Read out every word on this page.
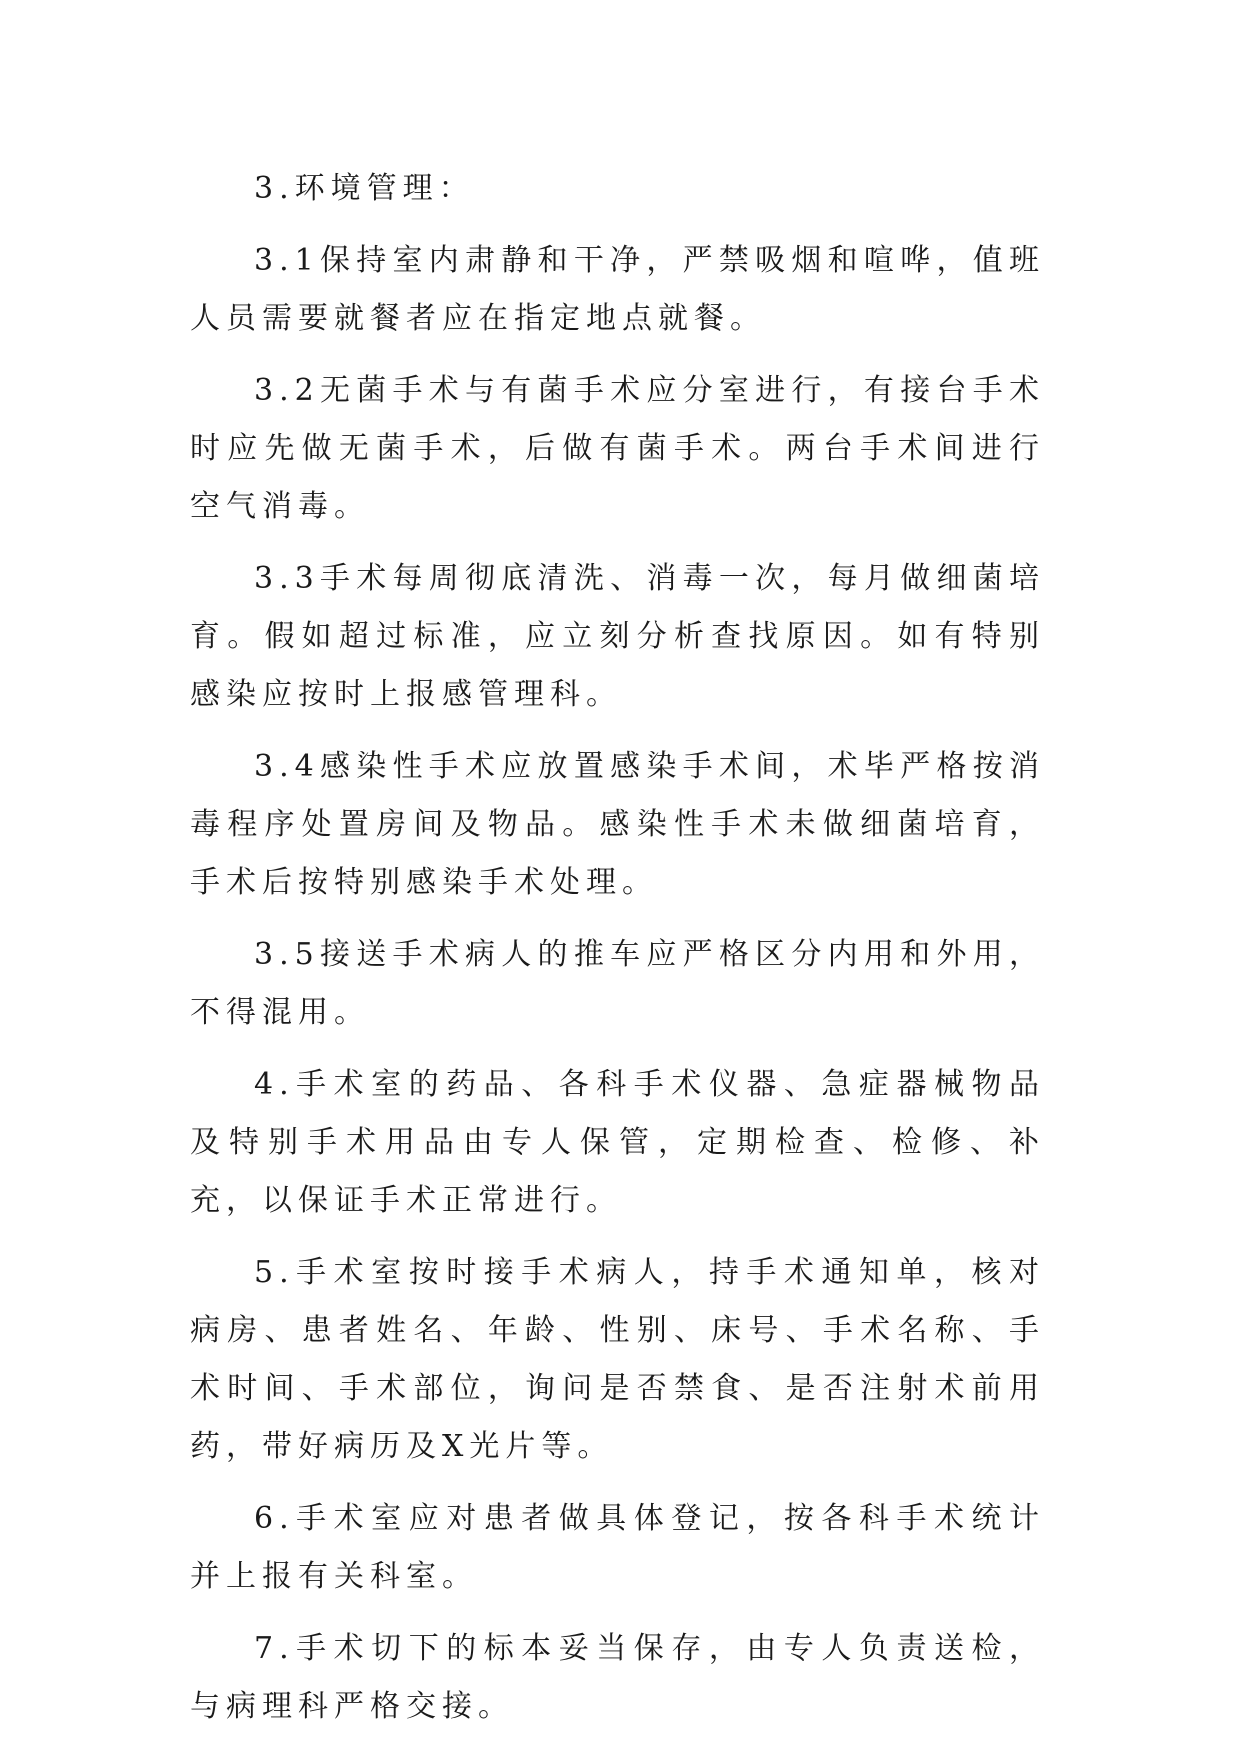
3.环境管理：

3.1保持室内肃静和干净，严禁吸烟和喧哗，值班人员需要就餐者应在指定地点就餐。

3.2无菌手术与有菌手术应分室进行，有接台手术时应先做无菌手术，后做有菌手术。两台手术间进行空气消毒。

3.3手术每周彻底清洗、消毒一次，每月做细菌培育。假如超过标准，应立刻分析查找原因。如有特别感染应按时上报感管理科。

3.4感染性手术应放置感染手术间，术毕严格按消毒程序处置房间及物品。感染性手术未做细菌培育，手术后按特别感染手术处理。

3.5接送手术病人的推车应严格区分内用和外用，不得混用。

4.手术室的药品、各科手术仪器、急症器械物品及特别手术用品由专人保管，定期检查、检修、补充，以保证手术正常进行。

5.手术室按时接手术病人，持手术通知单，核对病房、患者姓名、年龄、性别、床号、手术名称、手术时间、手术部位，询问是否禁食、是否注射术前用药，带好病历及X光片等。

6.手术室应对患者做具体登记，按各科手术统计并上报有关科室。

7.手术切下的标本妥当保存，由专人负责送检，与病理科严格交接。
